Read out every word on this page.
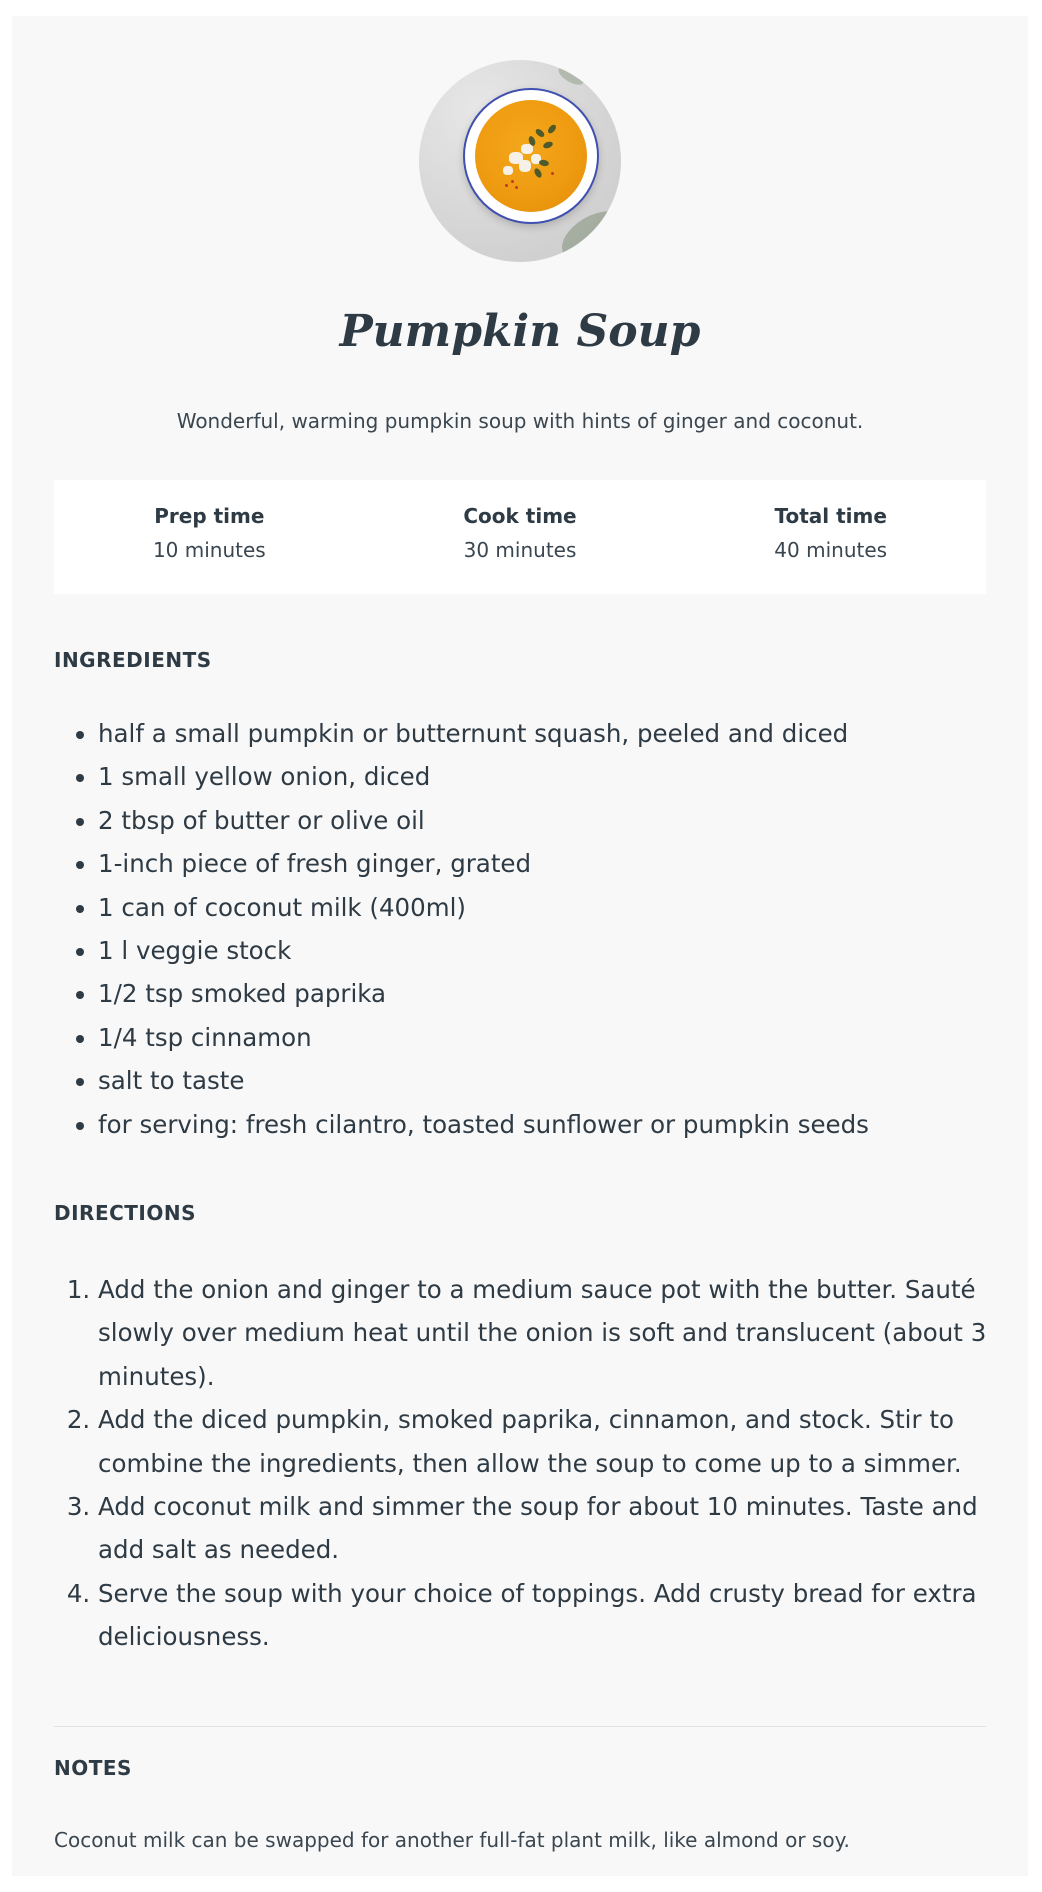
Pumpkin Soup

Wonderful, warming pumpkin soup with hints of ginger and coconut.

Prep time
10 minutes
Cook time
30 minutes
Total time
40 minutes
INGREDIENTS
• half a small pumpkin or butternunt squash, peeled and diced
• 1 small yellow onion, diced
• 2 tbsp of butter or olive oil
• 1-inch piece of fresh ginger, grated
• 1 can of coconut milk (400ml)
• 1 l veggie stock
• 1/2 tsp smoked paprika
• 1/4 tsp cinnamon
• salt to taste
• for serving: fresh cilantro, toasted sunflower or pumpkin seeds
DIRECTIONS
1. Add the onion and ginger to a medium sauce pot with the butter. Sauté slowly over medium heat until the onion is soft and translucent (about 3 minutes).
2. Add the diced pumpkin, smoked paprika, cinnamon, and stock. Stir to combine the ingredients, then allow the soup to come up to a simmer.
3. Add coconut milk and simmer the soup for about 10 minutes. Taste and add salt as needed.
4. Serve the soup with your choice of toppings. Add crusty bread for extra deliciousness.
NOTES

Coconut milk can be swapped for another full-fat plant milk, like almond or soy.
